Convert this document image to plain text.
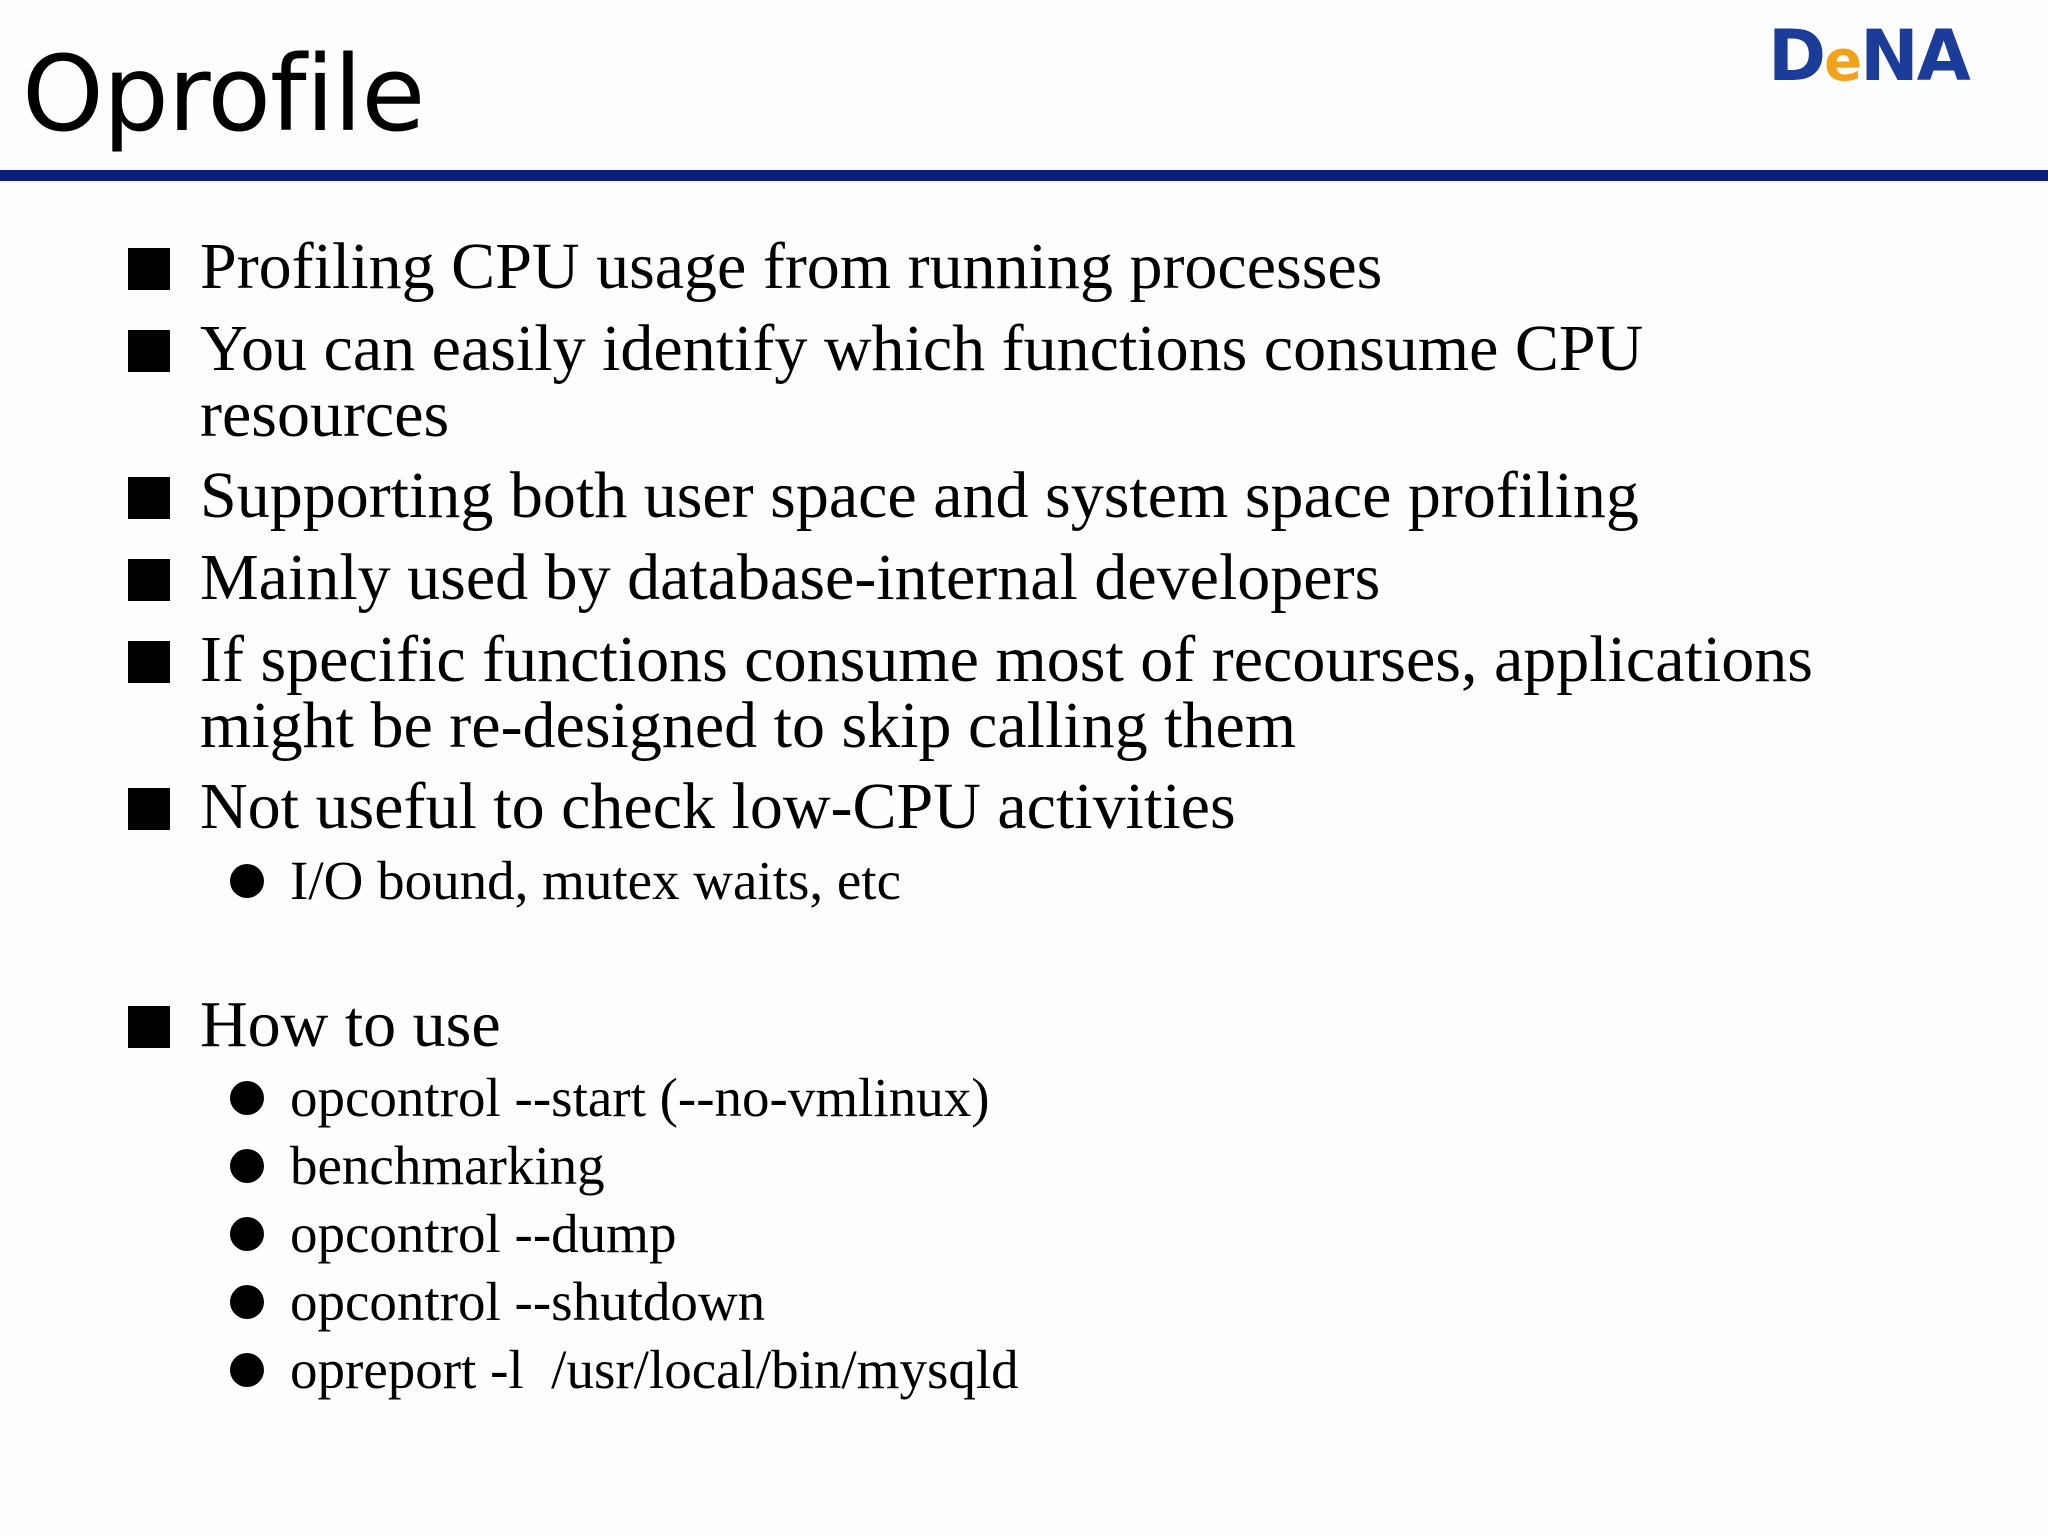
Oprofile	DeNA
Profiling CPU usage from running processes
You can easily identify which functions consume CPU resources
Supporting both user space and system space profiling
Mainly used by database-internal developers
If specific functions consume most of recourses, applications might be re-designed to skip calling them
Not useful to check low-CPU activities
I/O bound, mutex waits, etc
How to use
opcontrol --start (--no-vmlinux)
benchmarking
opcontrol --dump
opcontrol --shutdown
opreport -l  /usr/local/bin/mysqld
